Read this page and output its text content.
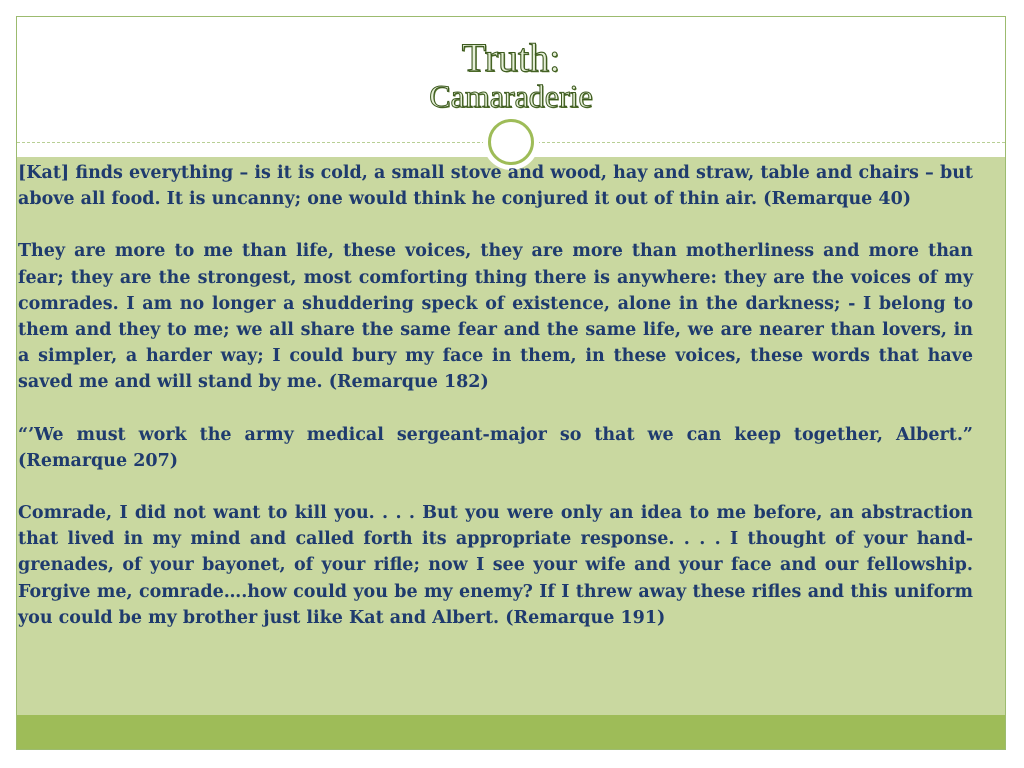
Truth:
Camaraderie

[Kat] finds everything – is it is cold, a small stove and wood, hay and straw, table and chairs – but above all food. It is uncanny; one would think he conjured it out of thin air. (Remarque 40)

They are more to me than life, these voices, they are more than motherliness and more than fear; they are the strongest, most comforting thing there is anywhere: they are the voices of my comrades. I am no longer a shuddering speck of existence, alone in the darkness; - I belong to them and they to me; we all share the same fear and the same life, we are nearer than lovers, in a simpler, a harder way; I could bury my face in them, in these voices, these words that have saved me and will stand by me. (Remarque 182)

“’We must work the army medical sergeant-major so that we can keep together, Albert.” (Remarque 207)

Comrade, I did not want to kill you. . . . But you were only an idea to me before, an abstraction that lived in my mind and called forth its appropriate response. . . . I thought of your hand-grenades, of your bayonet, of your rifle; now I see your wife and your face and our fellowship. Forgive me, comrade….how could you be my enemy? If I threw away these rifles and this uniform you could be my brother just like Kat and Albert. (Remarque 191)
